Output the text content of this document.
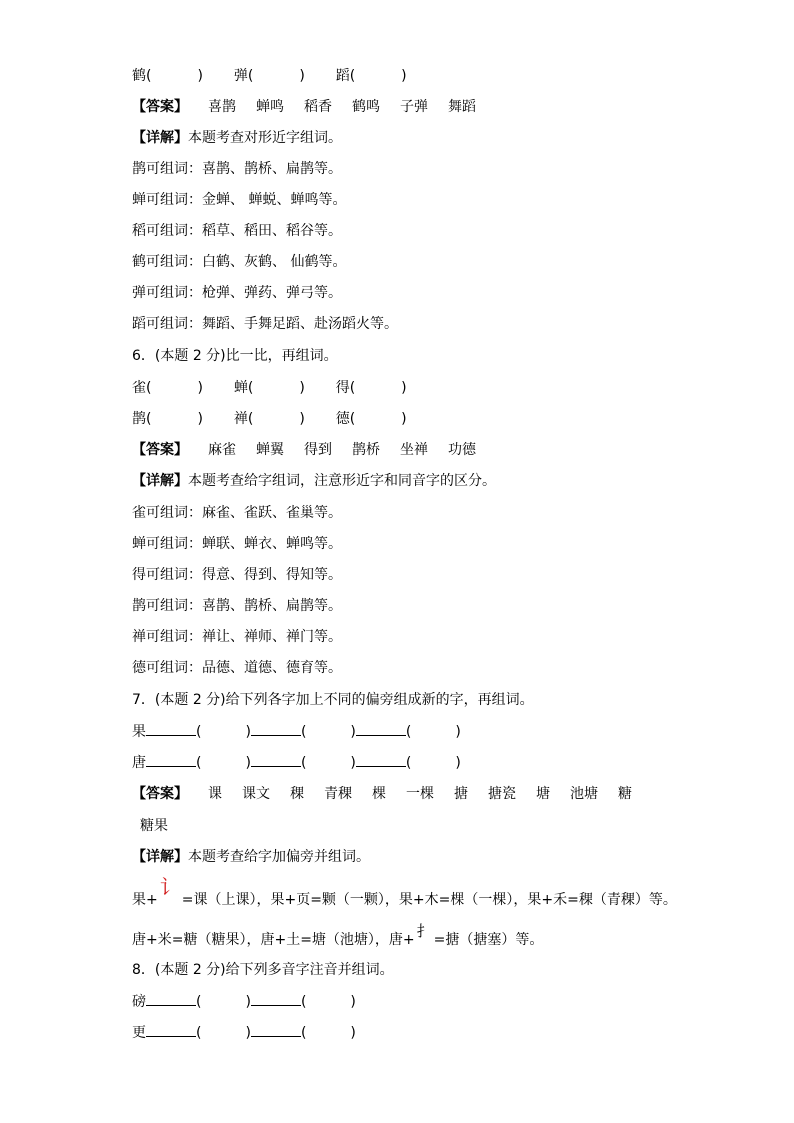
鹤(	) 弹(	) 蹈(	)
【答案】 喜鹊 蝉鸣 稻香 鹤鸣 子弹 舞蹈
【详解】本题考查对形近字组词。
鹊可组词：喜鹊、鹊桥、扁鹊等。
蝉可组词：金蝉、 蝉蜕、蝉鸣等。
稻可组词：稻草、稻田、稻谷等。
鹤可组词：白鹤、灰鹤、 仙鹤等。
弹可组词：枪弹、弹药、弹弓等。
蹈可组词：舞蹈、手舞足蹈、赴汤蹈火等。
6．(本题 2 分)比一比，再组词。
雀(	) 蝉(	) 得(	)
鹊(	) 禅(	) 德(	)
【答案】 麻雀 蝉翼 得到 鹊桥 坐禅 功德
【详解】本题考查给字组词，注意形近字和同音字的区分。
雀可组词：麻雀、雀跃、雀巢等。
蝉可组词：蝉联、蝉衣、蝉鸣等。
得可组词：得意、得到、得知等。
鹊可组词：喜鹊、鹊桥、扁鹊等。
禅可组词：禅让、禅师、禅门等。
德可组词：品德、道德、德育等。
7．(本题 2 分)给下列各字加上不同的偏旁组成新的字，再组词。
果	(	)	(	)	(	)
唐	(	)	(	)	(	)
【答案】 课 课文 稞 青稞 棵 一棵 搪 搪瓷 塘 池塘 糖
糖果
【详解】本题考查给字加偏旁并组词。
果+讠=课（上课），果+页=颗（一颗），果+木=棵（一棵），果+禾=稞（青稞）等。
唐+米=糖（糖果），唐+土=塘（池塘），唐+ 扌 =搪（搪塞）等。
8．(本题 2 分)给下列多音字注音并组词。
磅	(	)	(	)
更	(	)	(	)
